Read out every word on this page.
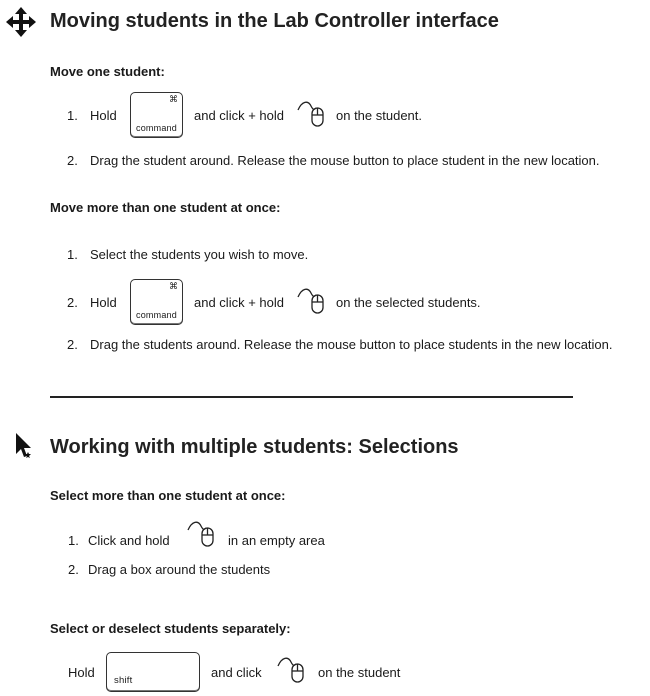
Moving students in the Lab Controller interface
Move one student:
1. Hold
⌘
command
and click + hold	on the student.
2. Drag the student around. Release the mouse button to place student in the new location.
Move more than one student at once:
1. Select the students you wish to move.
2. Hold
⌘
command
and click + hold	on the selected students.
2. Drag the students around. Release the mouse button to place students in the new location.
Working with multiple students: Selections
Select more than one student at once:
1. Click and hold	in an empty area
2. Drag a box around the students
Select or deselect students separately:
Hold
shift
and click	on the student
